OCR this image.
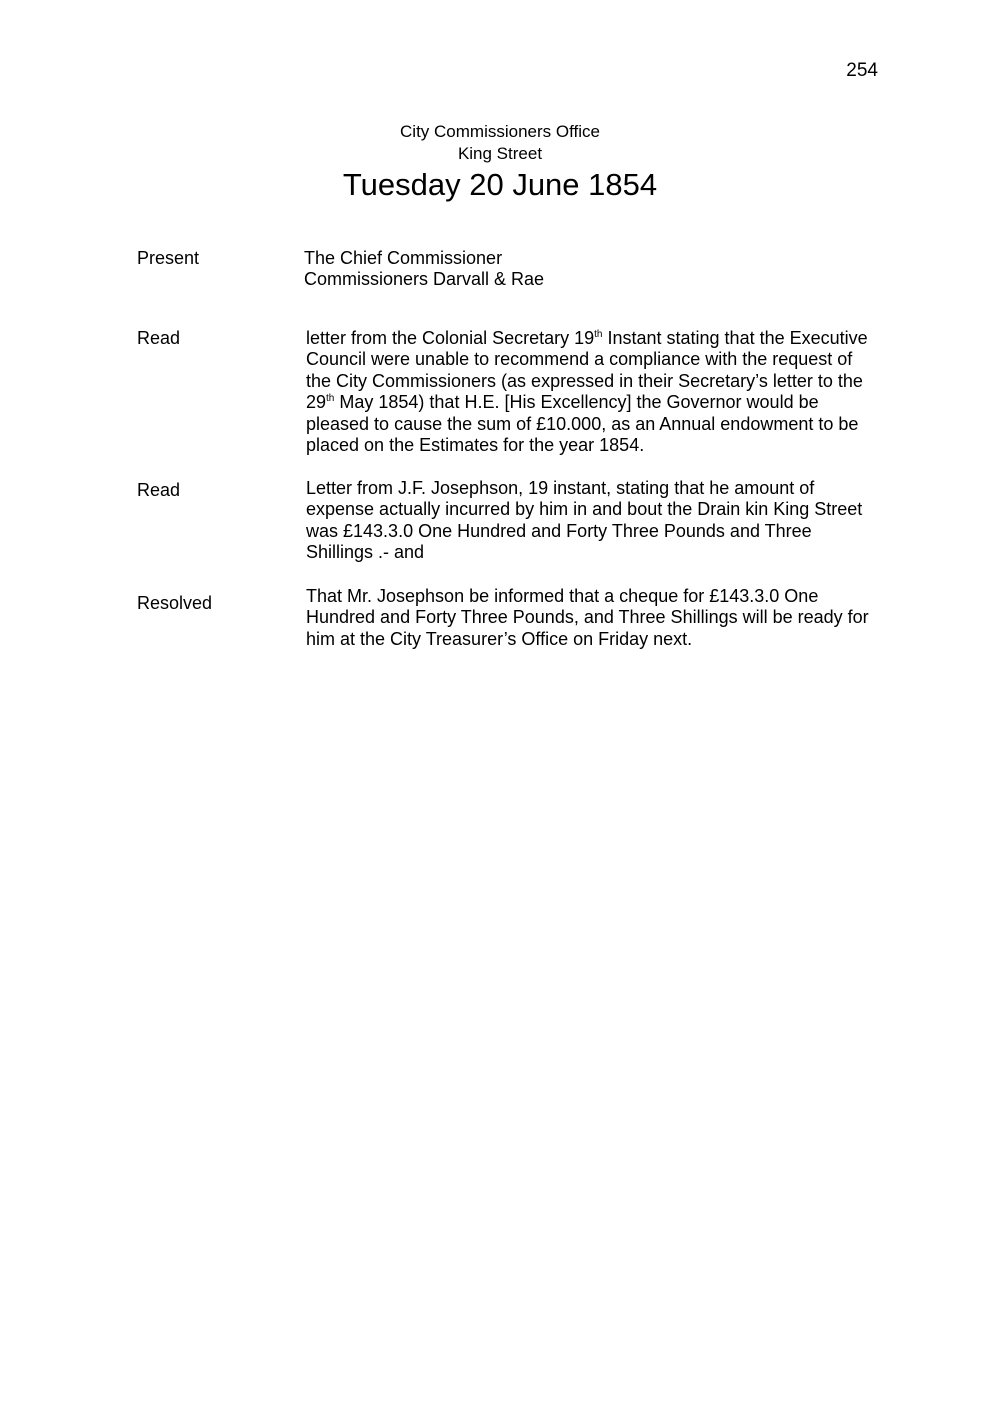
254
City Commissioners Office
King Street
Tuesday 20 June 1854
Present	The Chief Commissioner
Commissioners Darvall & Rae
Read	letter from the Colonial Secretary 19th Instant stating that the Executive
Council were unable to recommend a compliance with the request of
the City Commissioners (as expressed in their Secretary’s letter to the
29th May 1854) that H.E. [His Excellency] the Governor would be
pleased to cause the sum of £10.000, as an Annual endowment to be
placed on the Estimates for the year 1854.
Read	Letter from J.F. Josephson, 19 instant, stating that he amount of
expense actually incurred by him in and bout the Drain kin King Street
was £143.3.0 One Hundred and Forty Three Pounds and Three
Shillings .- and
Resolved	That Mr. Josephson be informed that a cheque for £143.3.0 One
Hundred and Forty Three Pounds, and Three Shillings will be ready for
him at the City Treasurer’s Office on Friday next.
